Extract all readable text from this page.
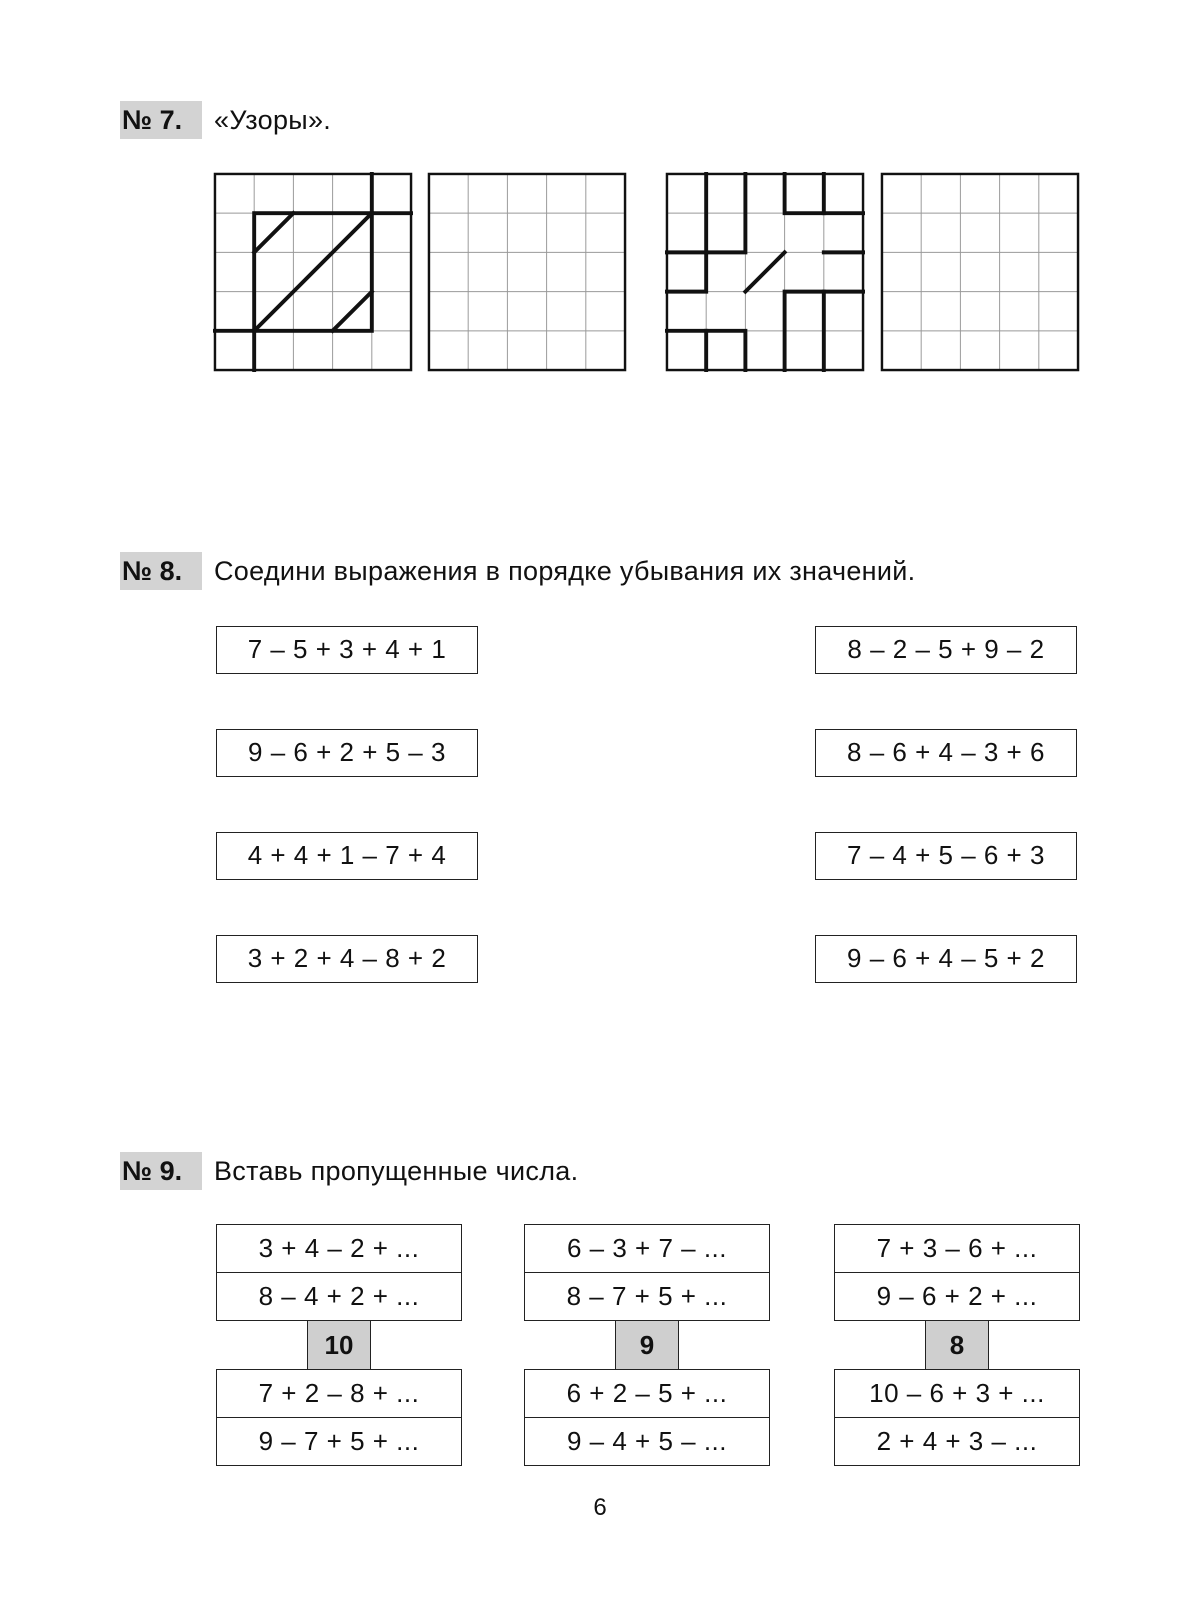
№ 7.	«Узоры».
№ 8.	Соедини выражения в порядке убывания их значений.
7 – 5 + 3 + 4 + 1
9 – 6 + 2 + 5 – 3
4 + 4 + 1 – 7 + 4
3 + 2 + 4 – 8 + 2
8 – 2 – 5 + 9 – 2
8 – 6 + 4 – 3 + 6
7 – 4 + 5 – 6 + 3
9 – 6 + 4 – 5 + 2
№ 9.	Вставь пропущенные числа.
3 + 4 – 2 + ...
8 – 4 + 2 + ...
10
7 + 2 – 8 + ...
9 – 7 + 5 + ...
6 – 3 + 7 – ...
8 – 7 + 5 + ...
9
6 + 2 – 5 + ...
9 – 4 + 5 – ...
7 + 3 – 6 + ...
9 – 6 + 2 + ...
8
10 – 6 + 3 + ...
2 + 4 + 3 – ...
6
